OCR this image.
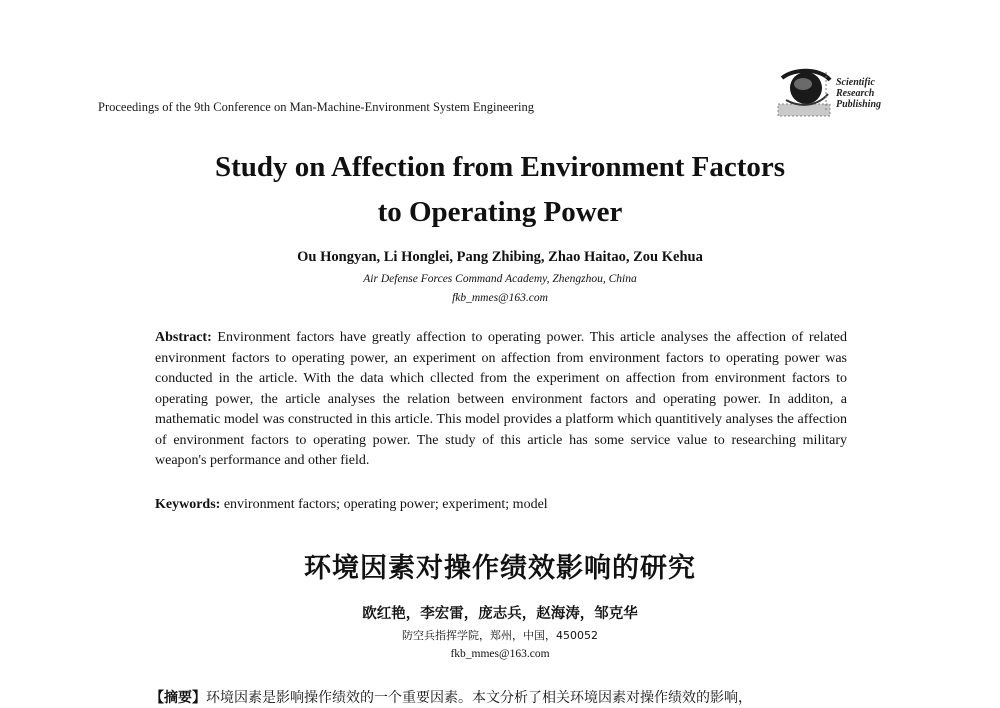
Proceedings of the 9th Conference on Man-Machine-Environment System Engineering
Scientific
Research
Publishing
Study on Affection from Environment Factors
to Operating Power
Ou Hongyan, Li Honglei, Pang Zhibing, Zhao Haitao, Zou Kehua
Air Defense Forces Command Academy, Zhengzhou, China
fkb_mmes@163.com

Abstract: Environment factors have greatly affection to operating power. This article analyses the affection of related environment factors to operating power, an experiment on affection from environment factors to operating power was conducted in the article. With the data which cllected from the experiment on affection from environment factors to operating power, the article analyses the relation between environment factors and operating power. In additon, a mathematic model was constructed in this article. This model provides a platform which quantitively analyses the affection of environment factors to operating power. The study of this article has some service value to researching military weapon's performance and other field.

Keywords: environment factors; operating power; experiment; model

环境因素对操作绩效影响的研究
欧红艳，李宏雷，庞志兵，赵海涛，邹克华
防空兵指挥学院，郑州，中国，450052
fkb_mmes@163.com

【摘要】环境因素是影响操作绩效的一个重要因素。本文分析了相关环境因素对操作绩效的影响，
